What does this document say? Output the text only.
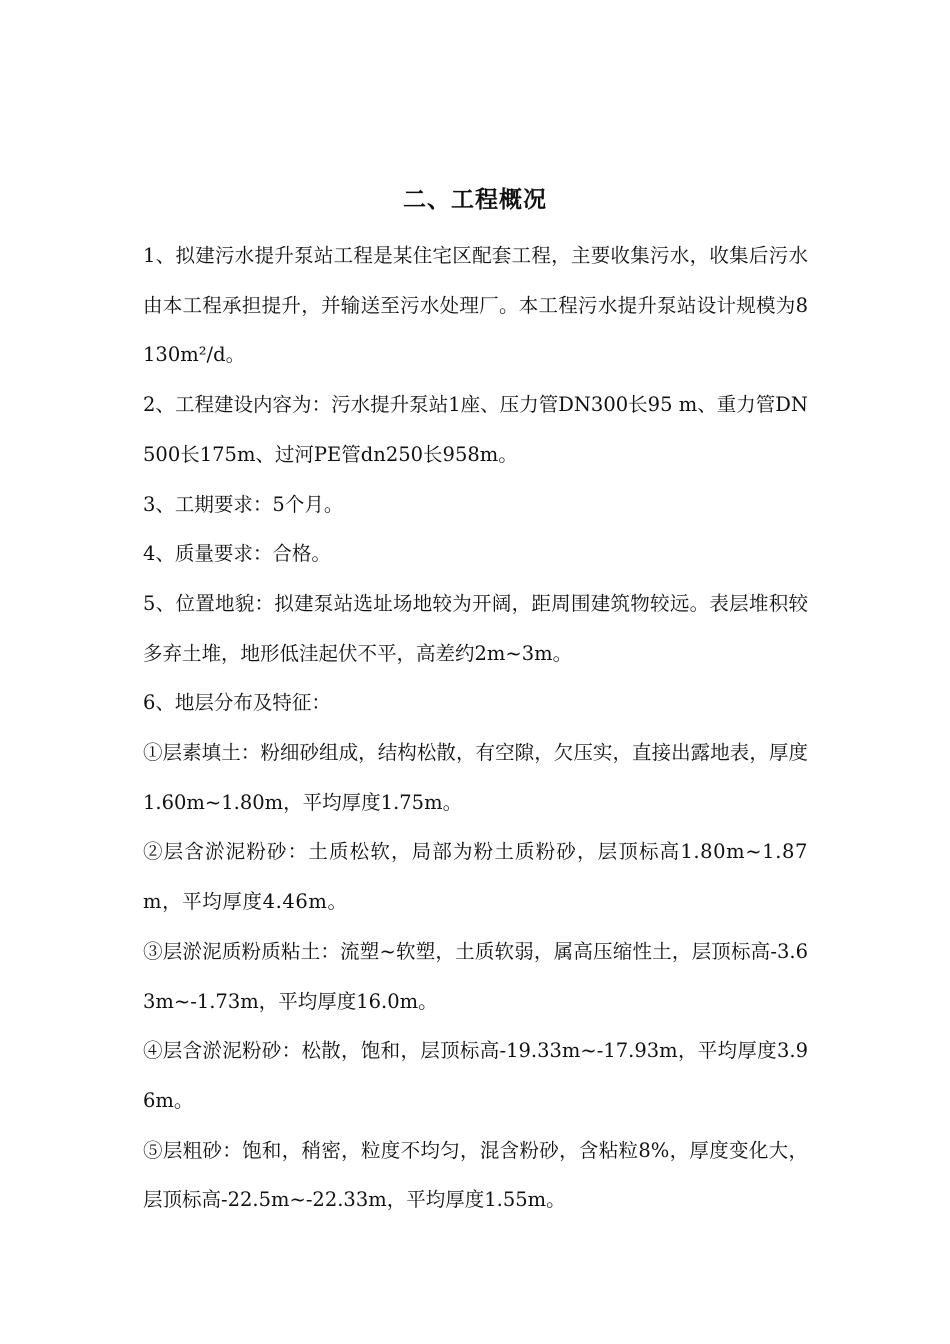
二、工程概况

1、拟建污水提升泵站工程是某住宅区配套工程，主要收集污水，收集后污水由本工程承担提升，并输送至污水处理厂。本工程污水提升泵站设计规模为8130m²/d。

2、工程建设内容为：污水提升泵站1座、压力管DN300长95 m、重力管DN500长175m、过河PE管dn250长958m。

3、工期要求：5个月。

4、质量要求：合格。

5、位置地貌：拟建泵站选址场地较为开阔，距周围建筑物较远。表层堆积较多弃土堆，地形低洼起伏不平，高差约2m~3m。

6、地层分布及特征：

①层素填土：粉细砂组成，结构松散，有空隙，欠压实，直接出露地表，厚度1.60m~1.80m，平均厚度1.75m。

②层含淤泥粉砂：土质松软，局部为粉土质粉砂，层顶标高1.80m~1.87m，平均厚度4.46m。

③层淤泥质粉质粘土：流塑~软塑，土质软弱，属高压缩性土，层顶标高-3.63m~-1.73m，平均厚度16.0m。

④层含淤泥粉砂：松散，饱和，层顶标高-19.33m~-17.93m，平均厚度3.96m。

⑤层粗砂：饱和，稍密，粒度不均匀，混含粉砂，含粘粒8%，厚度变化大，层顶标高-22.5m~-22.33m，平均厚度1.55m。
